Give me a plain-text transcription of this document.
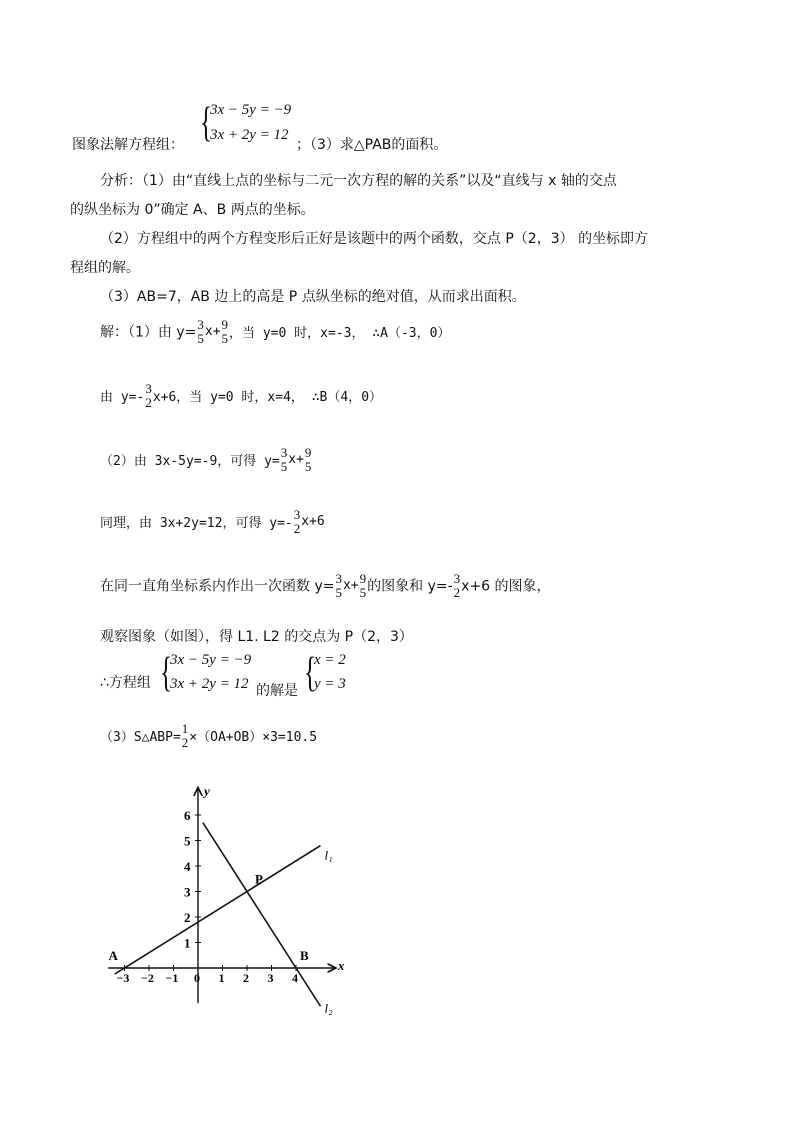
图象法解方程组： {
3x − 5y = −9
3x + 2y = 12
；（3）求△PAB的面积。
分析：（1）由“直线上点的坐标与二元一次方程的解的关系”以及“直线与 x 轴的交点
的纵坐标为 0”确定 A、B 两点的坐标。
（2）方程组中的两个方程变形后正好是该题中的两个函数，交点 P（2，3） 的坐标即方
程组的解。
（3）AB=7，AB 边上的高是 P 点纵坐标的绝对值，从而求出面积。
解：（1）由 y= 3
5 x+ 9
5 ，当 y=0 时，x=-3， ∴A（-3，0）
由 y=-
3
2 x+6，当 y=0 时，x=4， ∴B（4，0）
（2）由 3x-5y=-9，可得 y=
3
5 x+ 9
5
同理，由 3x+2y=12，可得 y=-
3
2 x+6
在同一直角坐标系内作出一次函数 y= 3
5 x+ 9
5 的图象和 y=- 3
2 x+6 的图象，
观察图象（如图），得 L1. L2 的交点为 P（2，3）
∴方程组 {
3x − 5y = −9
3x + 2y = 12 的解是 {
x = 2
y = 3
（3）S△ABP=
1
2 ×（OA+OB）×3=10.5
x
y
−3 −2 −1 0 1 2 3 4
1
2
3
4
5
6
l₁
l₂
A	B
P
